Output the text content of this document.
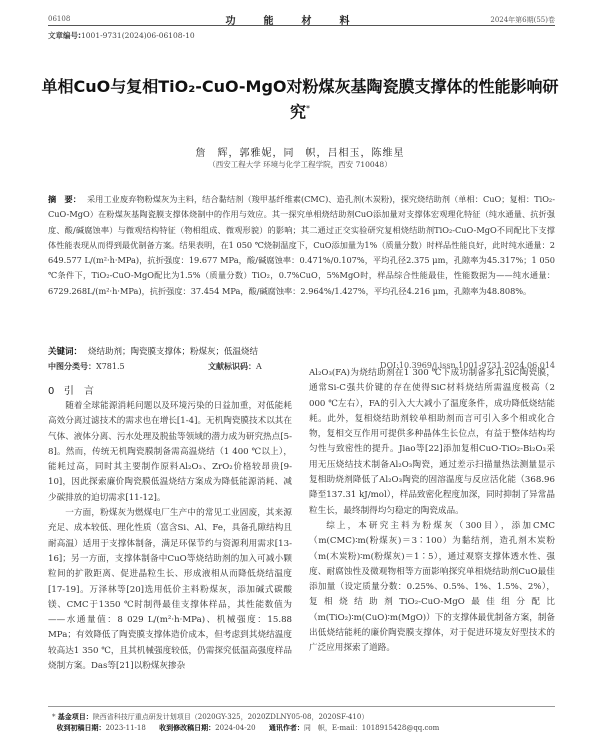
06108	功能材料	2024年第6期(55)卷
文章编号:1001-9731(2024)06-06108-10
单相CuO与复相TiO₂-CuO-MgO对粉煤灰基陶瓷膜支撑体的性能影响研究*
詹　辉，郭雅妮，同　帜，吕相玉，陈维星
（西安工程大学 环境与化学工程学院，西安 710048）
摘　要： 采用工业废弃物粉煤灰为主料，结合黏结剂（羧甲基纤维素(CMC)、造孔剂(木炭粉)，探究烧结助剂（单相：CuO；复相：TiO₂-CuO-MgO）在粉煤灰基陶瓷膜支撑体烧制中的作用与效应。其一探究单相烧结助剂CuO添加量对支撑体宏观理化特征（纯水通量、抗折强度、酸/碱腐蚀率）与微观结构特征（物相组成、微观形貌）的影响；其二通过正交实验研究复相烧结助剂TiO₂-CuO-MgO不同配比下支撑体性能表现从而得到最优制备方案。结果表明，在1 050 ℃烧制温度下，CuO添加量为1%（质量分数）时样品性能良好，此时纯水通量：2 649.577 L/(m²·h·MPa)，抗折强度：19.677 MPa，酸/碱腐蚀率：0.471%/0.107%，平均孔径2.375 μm，孔隙率为45.317%；1 050 ℃条件下，TiO₂-CuO-MgO配比为1.5%（质量分数）TiO₂，0.7%CuO，5%MgO时，样品综合性能最佳，性能数据为——纯水通量：6729.268L/(m²·h·MPa)，抗折强度：37.454 MPa，酸/碱腐蚀率：2.964%/1.427%，平均孔径4.216 μm，孔隙率为48.808%。
关键词： 烧结助剂；陶瓷膜支撑体；粉煤灰；低温烧结
中图分类号：X781.5	文献标识码：A	DOI:10.3969/j.issn.1001-9731.2024.06.014
0 引　言

随着全球能源消耗问题以及环境污染的日益加重，对低能耗高效分离过滤技术的需求也在增长[1-4]。无机陶瓷膜技术以其在气体、液体分离、污水处理及脱盐等领域的潜力成为研究热点[5-8]。然而，传统无机陶瓷膜制备需高温烧结（1 400 ℃以上），能耗过高，同时其主要制作原料Al₂O₃、ZrO₂价格较昂贵[9-10]，因此探索廉价陶瓷膜低温烧结方案成为降低能源消耗、减少碳排放的迫切需求[11-12]。

一方面，粉煤灰为燃煤电厂生产中的常见工业固废，其来源充足、成本较低、理化性质（富含Si、Al、Fe，具备孔隙结构且耐高温）适用于支撑体制备，满足环保节约与资源利用需求[13-16]；另一方面，支撑体制备中CuO等烧结助剂的加入可减小颗粒间的扩散距离、促进晶粒生长、形成液相从而降低烧结温度[17-19]。万泽林等[20]选用低价主料粉煤灰，添加碱式碳酸镁、CMC于1350 ℃时制得最佳支撑体样品，其性能数值为——水通量值：8 029 L/(m²·h·MPa)、机械强度：15.88 MPa；有效降低了陶瓷膜支撑体造价成本，但考虑到其烧结温度较高达1 350 ℃，且其机械强度较低，仍需探究低温高强度样品烧制方案。Das等[21]以粉煤灰掺杂

Al₂O₃(FA)为烧结助剂在1 300 ℃下成功制备多孔SiC陶瓷膜，通常Si-C强共价键的存在使得SiC材料烧结所需温度极高（2 000 ℃左右），FA的引入大大减小了温度条件，成功降低烧结能耗。此外，复相烧结助剂较单相助剂而言可引入多个相或化合物，复相交互作用可提供多种晶体生长位点，有益于整体结构均匀性与致密性的提升。Jiao等[22]添加复相CuO-TiO₂-Bi₂O₃采用无压烧结技术制备Al₂O₃陶瓷，通过差示扫描量热法测量显示复相助烧剂降低了Al₂O₃陶瓷的固溶温度与反应活化能（368.96降至137.31 kJ/mol），样品致密化程度加深，同时抑制了异常晶粒生长，最终制得均匀稳定的陶瓷成品。

综上，本研究主料为粉煤灰（300目），添加CMC（m(CMC)∶m(粉煤灰)＝3∶100）为黏结剂，造孔剂木炭粉（m(木炭粉)∶m(粉煤灰)＝1∶5），通过观察支撑体透水性、强度、耐腐蚀性及微观物相等方面影响探究单相烧结助剂CuO最佳添加量（设定质量分数：0.25%、0.5%、1%、1.5%、2%），复相烧结助剂TiO₂-CuO-MgO最佳组分配比（m(TiO₂)∶m(CuO)∶m(MgO)）下的支撑体最优制备方案，制备出低烧结能耗的廉价陶瓷膜支撑体，对于促进环境友好型技术的广泛应用探索了道路。

* 基金项目：陕西省科技厅重点研发计划项目（2020GY-325，2020ZDLNY05-08，2020SF-410）
收到初稿日期：2023-11-18 收到修改稿日期：2024-04-20 通讯作者：同　帜，E-mail：1018915428@qq.com
